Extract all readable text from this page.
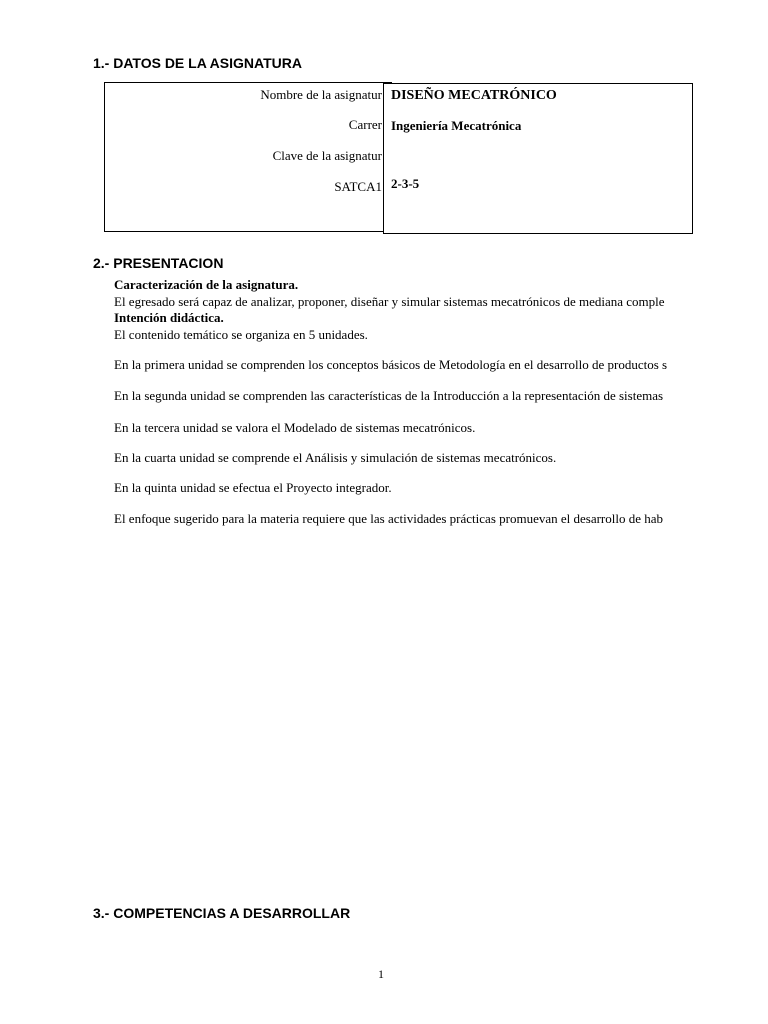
1.- DATOS DE LA ASIGNATURA
Nombre de la asignatur DISEÑO MECATRÓNICO
Carrer Ingeniería Mecatrónica
Clave de la asignatur
SATCA1 2-3-5
2.- PRESENTACION
Caracterización de la asignatura.
El egresado será capaz de analizar, proponer, diseñar y simular sistemas mecatrónicos de mediana comple
Intención didáctica.
El contenido temático se organiza en 5 unidades.
En la primera unidad se comprenden los conceptos básicos de Metodología en el desarrollo de productos s
En la segunda unidad se comprenden las características de la Introducción a la representación de sistemas
En la tercera unidad se valora el Modelado de sistemas mecatrónicos.
En la cuarta unidad se comprende el Análisis y simulación de sistemas mecatrónicos.
En la quinta unidad se efectua el Proyecto integrador.
El enfoque sugerido para la materia requiere que las actividades prácticas promuevan el desarrollo de hab
3.- COMPETENCIAS A DESARROLLAR
1
